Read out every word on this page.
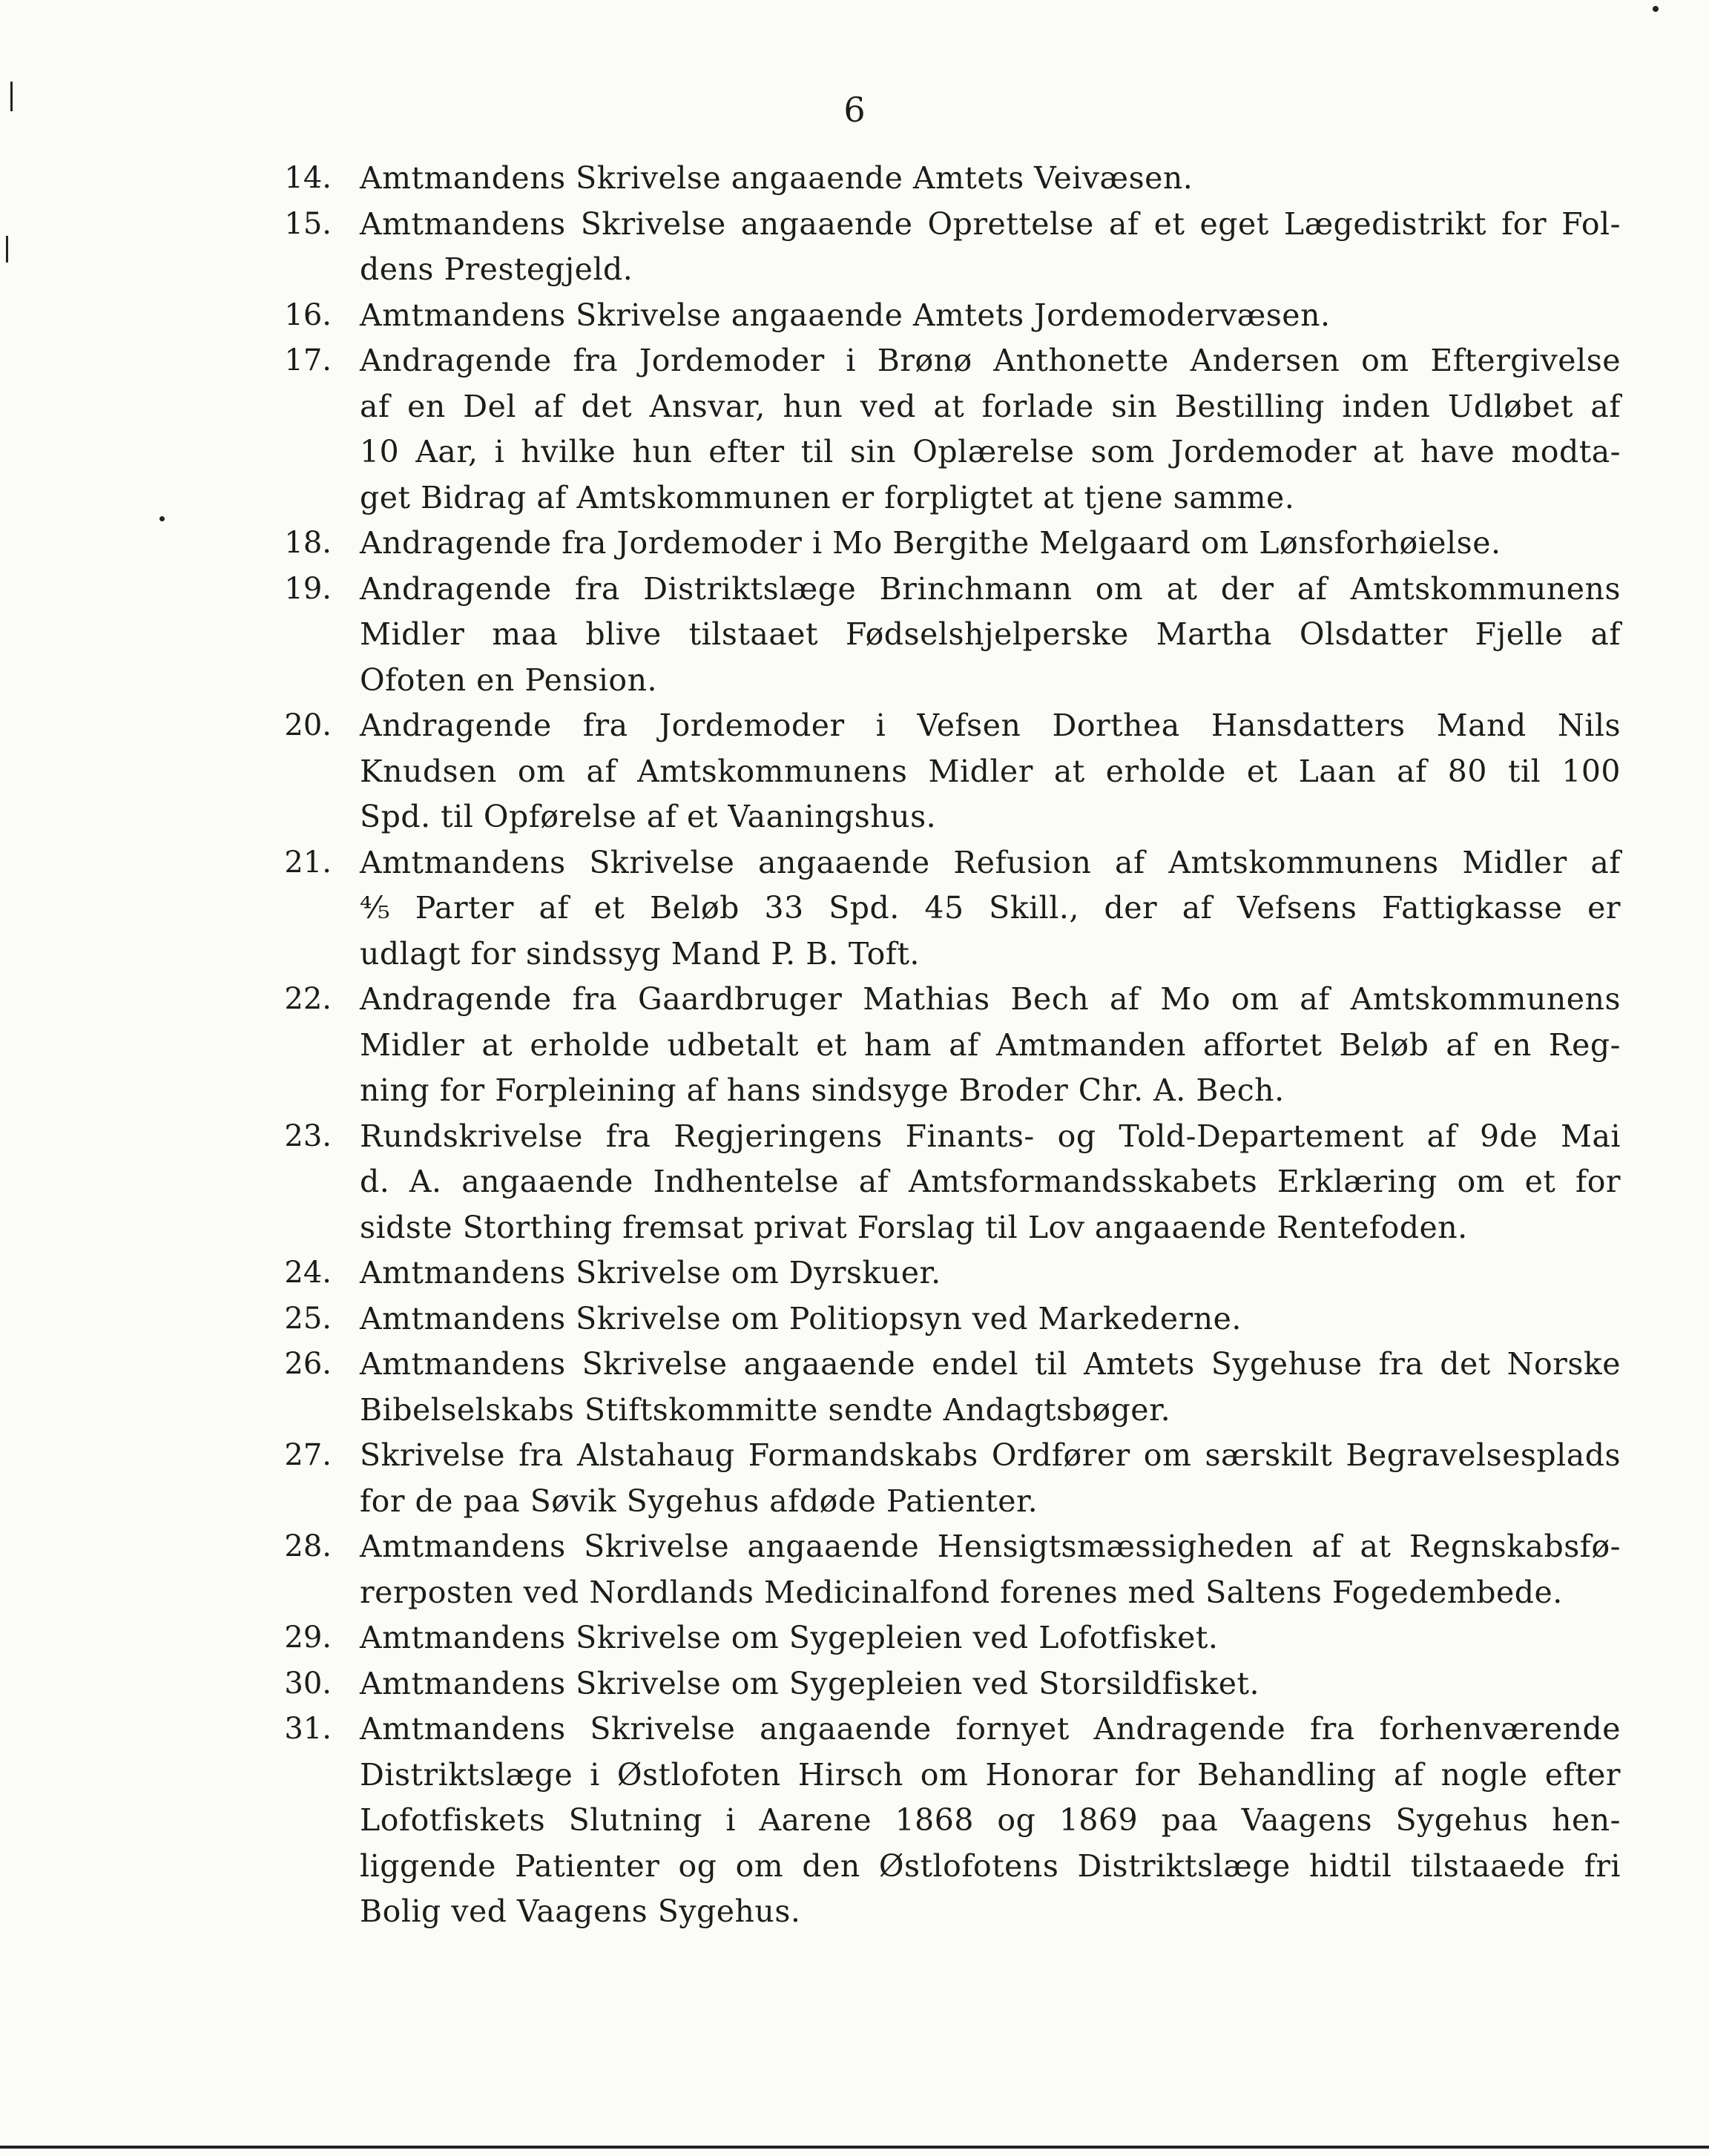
6
14. Amtmandens Skrivelse angaaende Amtets Veivæsen.
15. Amtmandens Skrivelse angaaende Oprettelse af et eget Lægedistrikt for Fol-
dens Prestegjeld.
16. Amtmandens Skrivelse angaaende Amtets Jordemodervæsen.
17. Andragende fra Jordemoder i Brønø Anthonette Andersen om Eftergivelse
af en Del af det Ansvar, hun ved at forlade sin Bestilling inden Udløbet af
10 Aar, i hvilke hun efter til sin Oplærelse som Jordemoder at have modta-
get Bidrag af Amtskommunen er forpligtet at tjene samme.
18. Andragende fra Jordemoder i Mo Bergithe Melgaard om Lønsforhøielse.
19. Andragende fra Distriktslæge Brinchmann om at der af Amtskommunens
Midler maa blive tilstaaet Fødselshjelperske Martha Olsdatter Fjelle af
Ofoten en Pension.
20. Andragende fra Jordemoder i Vefsen Dorthea Hansdatters Mand Nils
Knudsen om af Amtskommunens Midler at erholde et Laan af 80 til 100
Spd. til Opførelse af et Vaaningshus.
21. Amtmandens Skrivelse angaaende Refusion af Amtskommunens Midler af
⁴⁄₅ Parter af et Beløb 33 Spd. 45 Skill., der af Vefsens Fattigkasse er
udlagt for sindssyg Mand P. B. Toft.
22. Andragende fra Gaardbruger Mathias Bech af Mo om af Amtskommunens
Midler at erholde udbetalt et ham af Amtmanden affortet Beløb af en Reg-
ning for Forpleining af hans sindsyge Broder Chr. A. Bech.
23. Rundskrivelse fra Regjeringens Finants- og Told-Departement af 9de Mai
d. A. angaaende Indhentelse af Amtsformandsskabets Erklæring om et for
sidste Storthing fremsat privat Forslag til Lov angaaende Rentefoden.
24. Amtmandens Skrivelse om Dyrskuer.
25. Amtmandens Skrivelse om Politiopsyn ved Markederne.
26. Amtmandens Skrivelse angaaende endel til Amtets Sygehuse fra det Norske
Bibelselskabs Stiftskommitte sendte Andagtsbøger.
27. Skrivelse fra Alstahaug Formandskabs Ordfører om særskilt Begravelsesplads
for de paa Søvik Sygehus afdøde Patienter.
28. Amtmandens Skrivelse angaaende Hensigtsmæssigheden af at Regnskabsfø-
rerposten ved Nordlands Medicinalfond forenes med Saltens Fogedembede.
29. Amtmandens Skrivelse om Sygepleien ved Lofotfisket.
30. Amtmandens Skrivelse om Sygepleien ved Storsildfisket.
31. Amtmandens Skrivelse angaaende fornyet Andragende fra forhenværende
Distriktslæge i Østlofoten Hirsch om Honorar for Behandling af nogle efter
Lofotfiskets Slutning i Aarene 1868 og 1869 paa Vaagens Sygehus hen-
liggende Patienter og om den Østlofotens Distriktslæge hidtil tilstaaede fri
Bolig ved Vaagens Sygehus.
